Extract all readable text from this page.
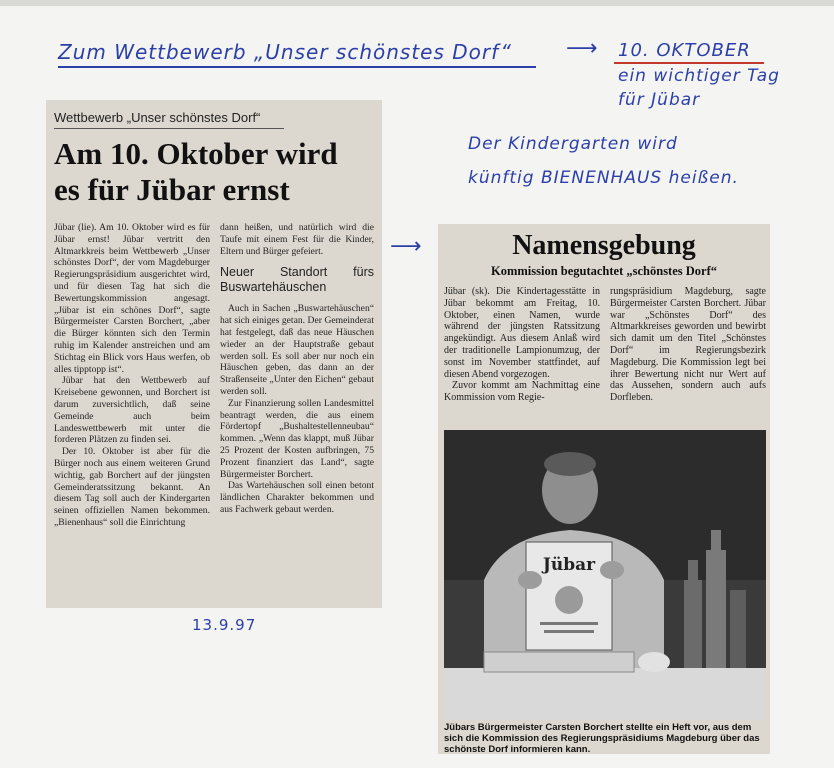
Zum Wettbewerb „Unser schönstes Dorf“ ⟶ 10. OKTOBER
ein wichtiger Tag
für Jübar
Der Kindergarten wird
künftig BIENENHAUS heißen.
⟶
13.9.97
Wettbewerb „Unser schönstes Dorf“
Am 10. Oktober wird
es für Jübar ernst

Jübar (lie). Am 10. Oktober wird es für Jübar ernst! Jübar vertritt den Altmarkkreis beim Wettbewerb „Unser schönstes Dorf“, der vom Magdeburger Regierungspräsidium ausgerichtet wird, und für diesen Tag hat sich die Bewertungskommission angesagt. „Jübar ist ein schönes Dorf“, sagte Bürgermeister Carsten Borchert, „aber die Bürger könnten sich den Termin ruhig im Kalender anstreichen und am Stichtag ein Blick vors Haus werfen, ob alles tipptopp ist“.

Jübar hat den Wettbewerb auf Kreisebene gewonnen, und Borchert ist darum zuversichtlich, daß seine Gemeinde auch beim Landeswettbewerb mit unter die forderen Plätzen zu finden sei.

Der 10. Oktober ist aber für die Bürger noch aus einem weiteren Grund wichtig, gab Borchert auf der jüngsten Gemeinderatssitzung bekannt. An diesem Tag soll auch der Kindergarten seinen offiziellen Namen bekommen. „Bienenhaus“ soll die Einrichtung

dann heißen, und natürlich wird die Taufe mit einem Fest für die Kinder, Eltern und Bürger gefeiert.

Neuer Standort fürs Buswartehäuschen

Auch in Sachen „Buswartehäuschen“ hat sich einiges getan. Der Gemeinderat hat festgelegt, daß das neue Häuschen wieder an der Hauptstraße gebaut werden soll. Es soll aber nur noch ein Häuschen geben, das dann an der Straßenseite „Unter den Eichen“ gebaut werden soll.

Zur Finanzierung sollen Landesmittel beantragt werden, die aus einem Fördertopf „Bushaltestellenneubau“ kommen. „Wenn das klappt, muß Jübar 25 Prozent der Kosten aufbringen, 75 Prozent finanziert das Land“, sagte Bürgermeister Borchert.

Das Wartehäuschen soll einen betont ländlichen Charakter bekommen und aus Fachwerk gebaut werden.

Namensgebung
Kommission begutachtet „schönstes Dorf“

Jübar (sk). Die Kindertagesstätte in Jübar bekommt am Freitag, 10. Oktober, einen Namen, wurde während der jüngsten Ratssitzung angekündigt. Aus diesem Anlaß wird der traditionelle Lampionumzug, der sonst im November stattfindet, auf diesen Abend vorgezogen.

Zuvor kommt am Nachmittag eine Kommission vom Regie-

rungspräsidium Magdeburg, sagte Bürgermeister Carsten Borchert. Jübar war „Schönstes Dorf“ des Altmarkkreises geworden und bewirbt sich damit um den Titel „Schönstes Dorf“ im Regierungsbezirk Magdeburg. Die Kommission legt bei ihrer Bewertung nicht nur Wert auf das Aussehen, sondern auch aufs Dorfleben.

Jübar
Jübars Bürgermeister Carsten Borchert stellte ein Heft vor, aus dem sich die Kommission des Regierungspräsidiums Magdeburg über das schönste Dorf informieren kann.
